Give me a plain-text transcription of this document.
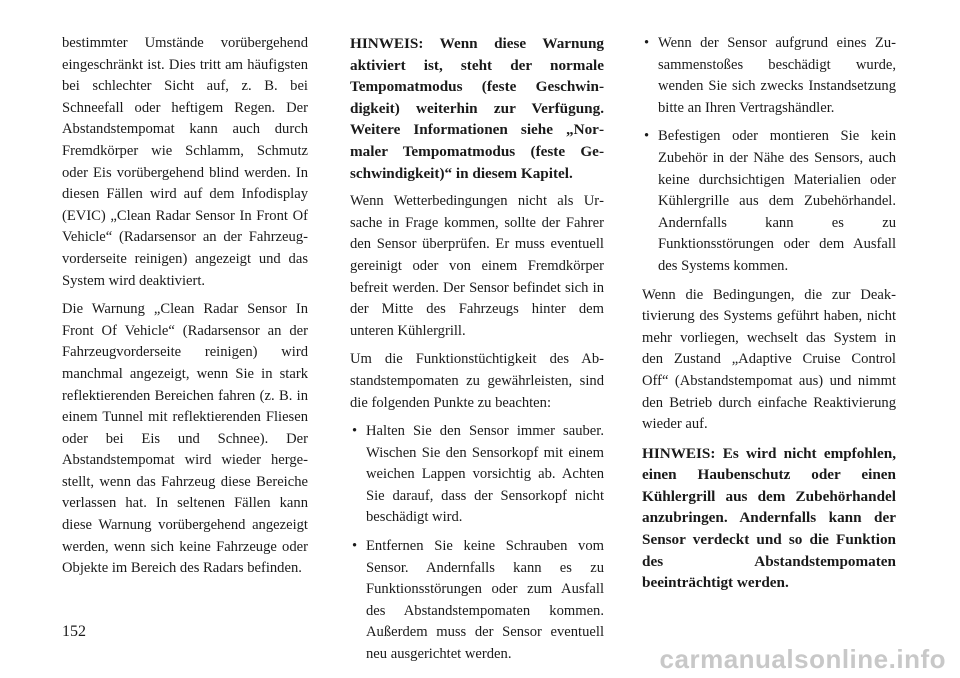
bestimmter Umstände vorübergehend eingeschränkt ist. Dies tritt am häufigsten bei schlechter Sicht auf, z. B. bei Schneefall oder heftigem Regen. Der Abstandstempomat kann auch durch Fremdkörper wie Schlamm, Schmutz oder Eis vorübergehend blind werden. In diesen Fällen wird auf dem Infodisplay (EVIC) „Clean Radar Sensor In Front Of Vehicle“ (Radarsensor an der Fahrzeugvorderseite reinigen) angezeigt und das System wird deaktiviert.

Die Warnung „Clean Radar Sensor In Front Of Vehicle“ (Radarsensor an der Fahrzeugvorderseite reinigen) wird manchmal angezeigt, wenn Sie in stark reflektierenden Bereichen fahren (z. B. in einem Tunnel mit reflektierenden Fliesen oder bei Eis und Schnee). Der Abstandstempomat wird wieder hergestellt, wenn das Fahrzeug diese Bereiche verlassen hat. In seltenen Fällen kann diese Warnung vorübergehend angezeigt werden, wenn sich keine Fahrzeuge oder Objekte im Bereich des Radars befinden.

HINWEIS: Wenn diese Warnung aktiviert ist, steht der normale Tempomatmodus (feste Geschwindigkeit) weiterhin zur Verfügung. Weitere Informationen siehe „Normaler Tempomatmodus (feste Geschwindigkeit)“ in diesem Kapitel.

Wenn Wetterbedingungen nicht als Ursache in Frage kommen, sollte der Fahrer den Sensor überprüfen. Er muss eventuell gereinigt oder von einem Fremdkörper befreit werden. Der Sensor befindet sich in der Mitte des Fahrzeugs hinter dem unteren Kühlergrill.

Um die Funktionstüchtigkeit des Abstandstempomaten zu gewährleisten, sind die folgenden Punkte zu beachten:

• Halten Sie den Sensor immer sauber. Wischen Sie den Sensorkopf mit einem weichen Lappen vorsichtig ab. Achten Sie darauf, dass der Sensorkopf nicht beschädigt wird.
• Entfernen Sie keine Schrauben vom Sensor. Andernfalls kann es zu Funktionsstörungen oder zum Ausfall des Abstandstempomaten kommen. Außerdem muss der Sensor eventuell neu ausgerichtet werden.
• Wenn der Sensor aufgrund eines Zusammenstoßes beschädigt wurde, wenden Sie sich zwecks Instandsetzung bitte an Ihren Vertragshändler.
• Befestigen oder montieren Sie kein Zubehör in der Nähe des Sensors, auch keine durchsichtigen Materialien oder Kühlergrille aus dem Zubehörhandel. Andernfalls kann es zu Funktionsstörungen oder dem Ausfall des Systems kommen.

Wenn die Bedingungen, die zur Deaktivierung des Systems geführt haben, nicht mehr vorliegen, wechselt das System in den Zustand „Adaptive Cruise Control Off“ (Abstandstempomat aus) und nimmt den Betrieb durch einfache Reaktivierung wieder auf.

HINWEIS: Es wird nicht empfohlen, einen Haubenschutz oder einen Kühlergrill aus dem Zubehörhandel anzubringen. Andernfalls kann der Sensor verdeckt und so die Funktion des Abstandstempomaten beeinträchtigt werden.

152
carmanualsonline.info
